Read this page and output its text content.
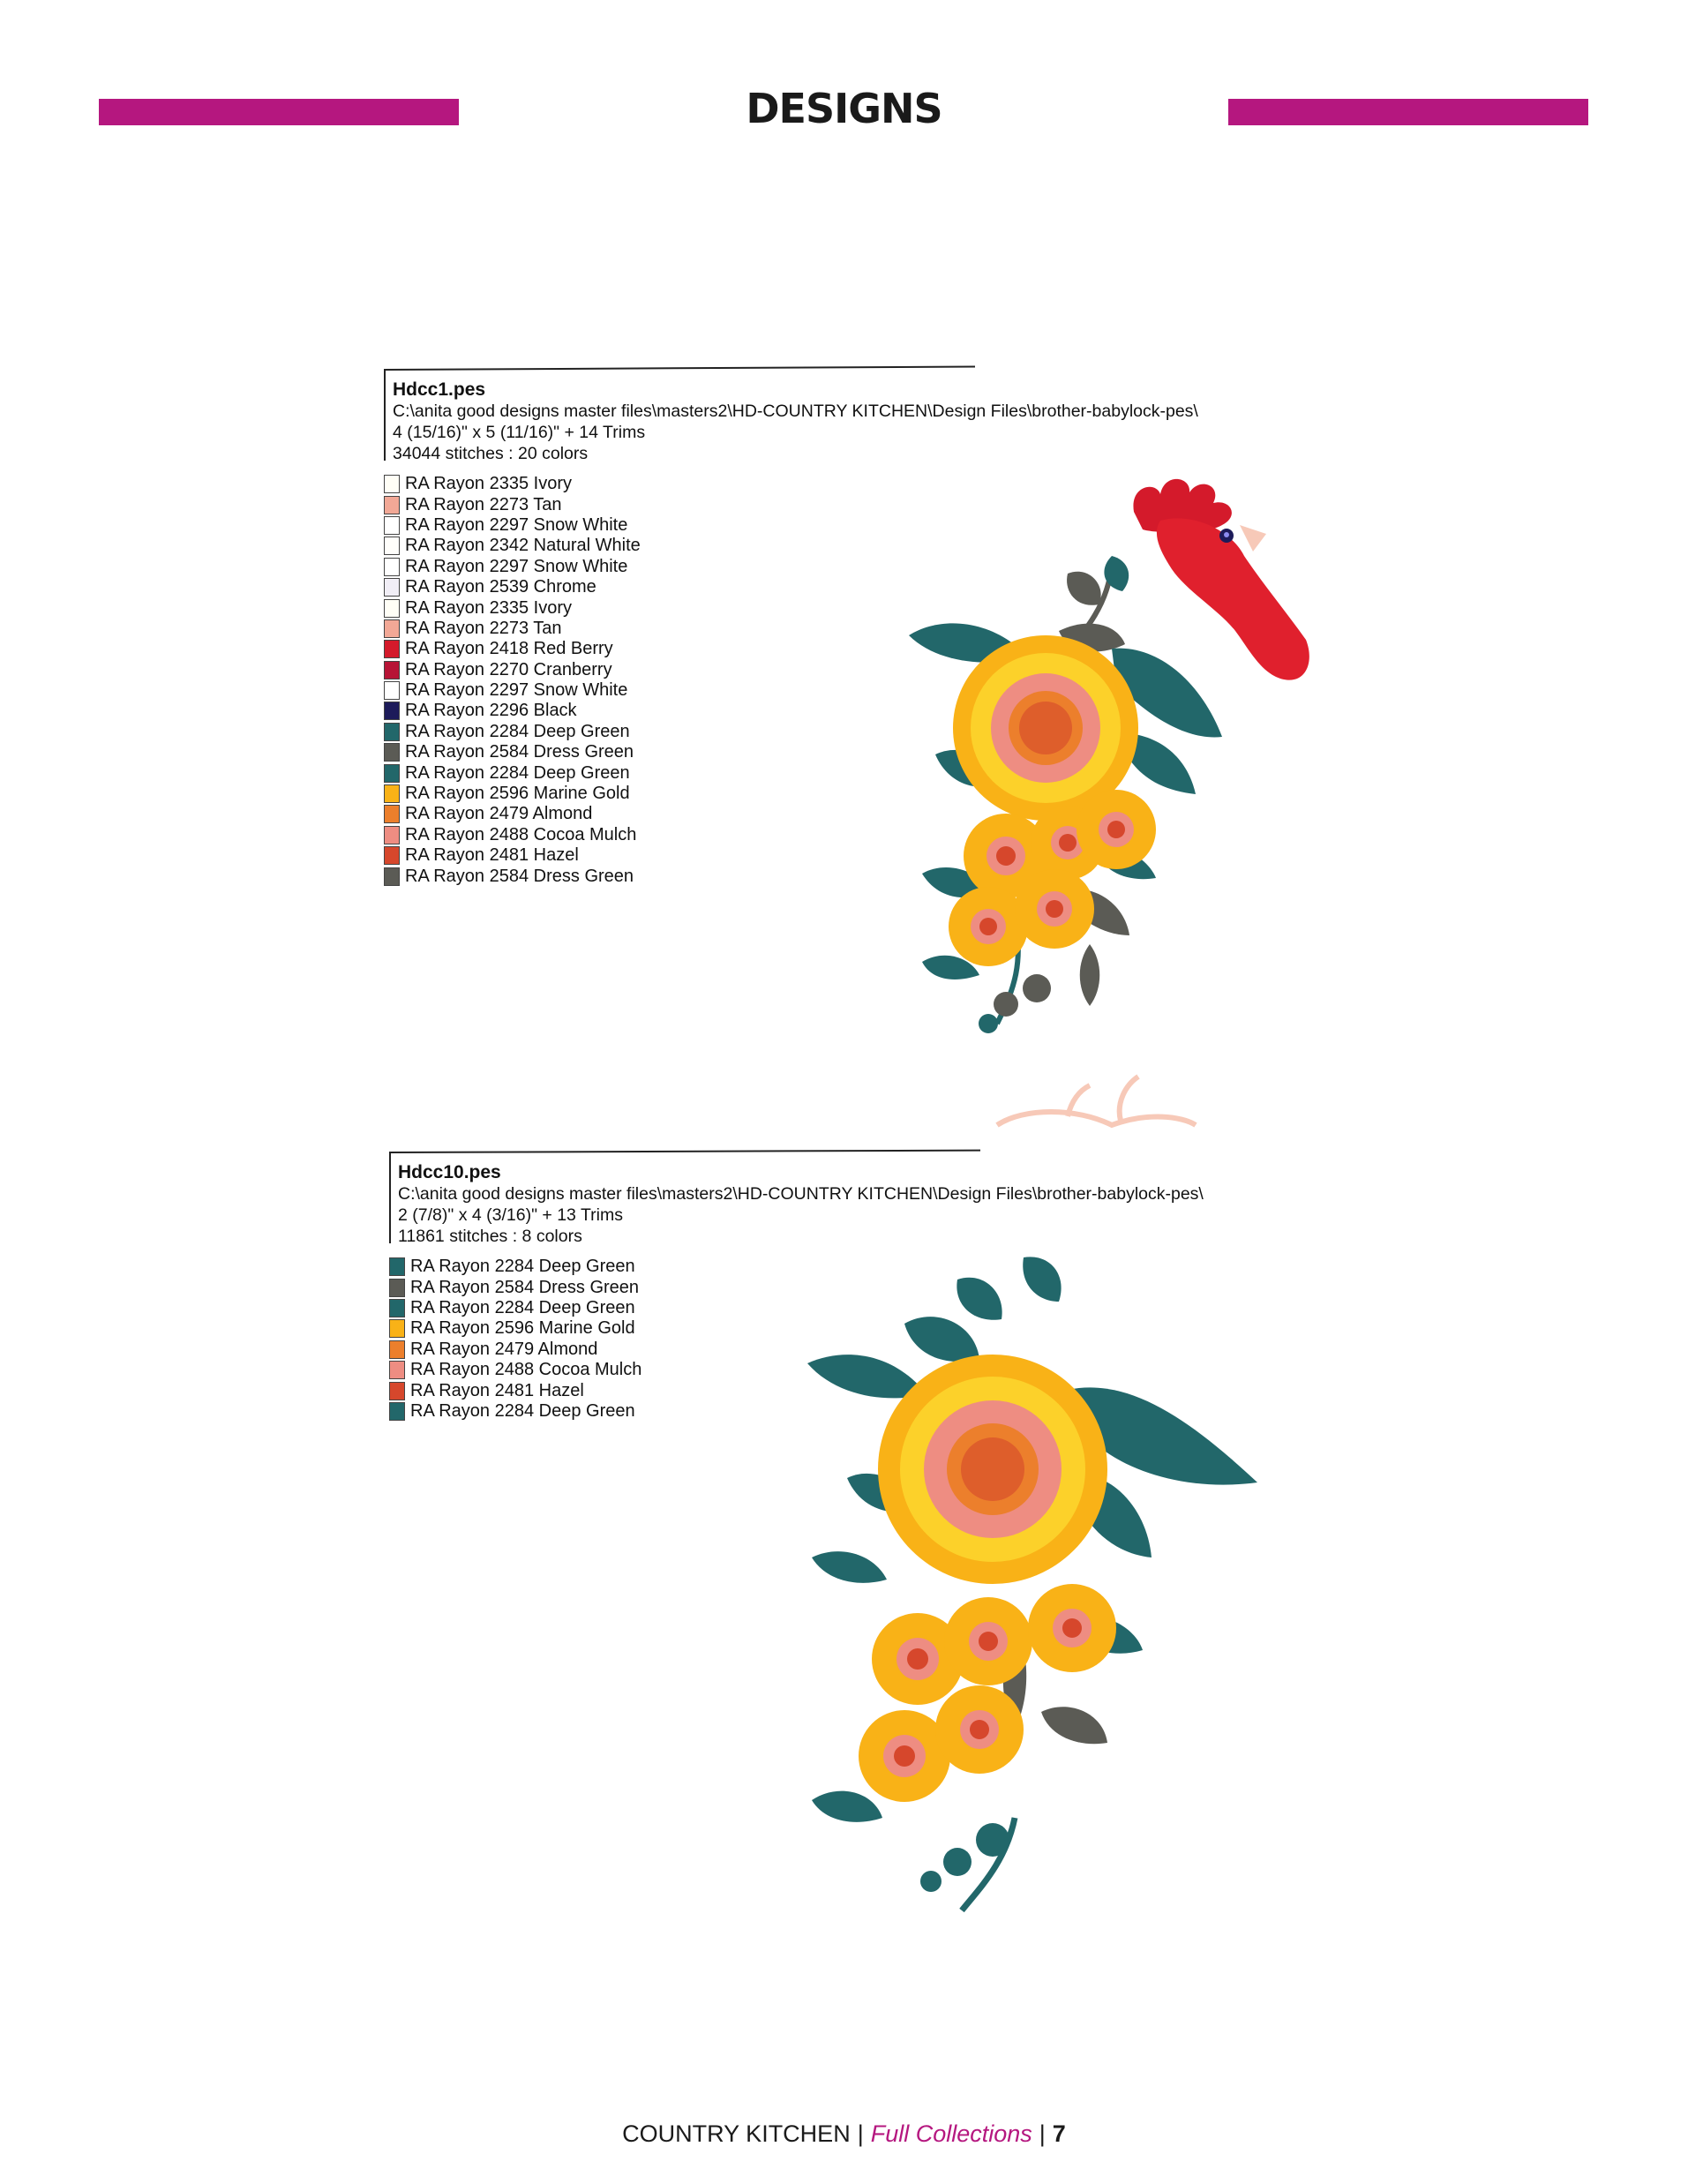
DESIGNS
Hdcc1.pes
C:\anita good designs master files\masters2\HD-COUNTRY KITCHEN\Design Files\brother-babylock-pes\
4 (15/16)" x 5 (11/16)" + 14 Trims
34044 stitches : 20 colors
RA Rayon 2335 Ivory
RA Rayon 2273 Tan
RA Rayon 2297 Snow White
RA Rayon 2342 Natural White
RA Rayon 2297 Snow White
RA Rayon 2539 Chrome
RA Rayon 2335 Ivory
RA Rayon 2273 Tan
RA Rayon 2418 Red Berry
RA Rayon 2270 Cranberry
RA Rayon 2297 Snow White
RA Rayon 2296 Black
RA Rayon 2284 Deep Green
RA Rayon 2584 Dress Green
RA Rayon 2284 Deep Green
RA Rayon 2596 Marine Gold
RA Rayon 2479 Almond
RA Rayon 2488 Cocoa Mulch
RA Rayon 2481 Hazel
RA Rayon 2584 Dress Green
Hdcc10.pes
C:\anita good designs master files\masters2\HD-COUNTRY KITCHEN\Design Files\brother-babylock-pes\
2 (7/8)" x 4 (3/16)" + 13 Trims
11861 stitches : 8 colors
RA Rayon 2284 Deep Green
RA Rayon 2584 Dress Green
RA Rayon 2284 Deep Green
RA Rayon 2596 Marine Gold
RA Rayon 2479 Almond
RA Rayon 2488 Cocoa Mulch
RA Rayon 2481 Hazel
RA Rayon 2284 Deep Green
COUNTRY KITCHEN | Full Collections | 7
